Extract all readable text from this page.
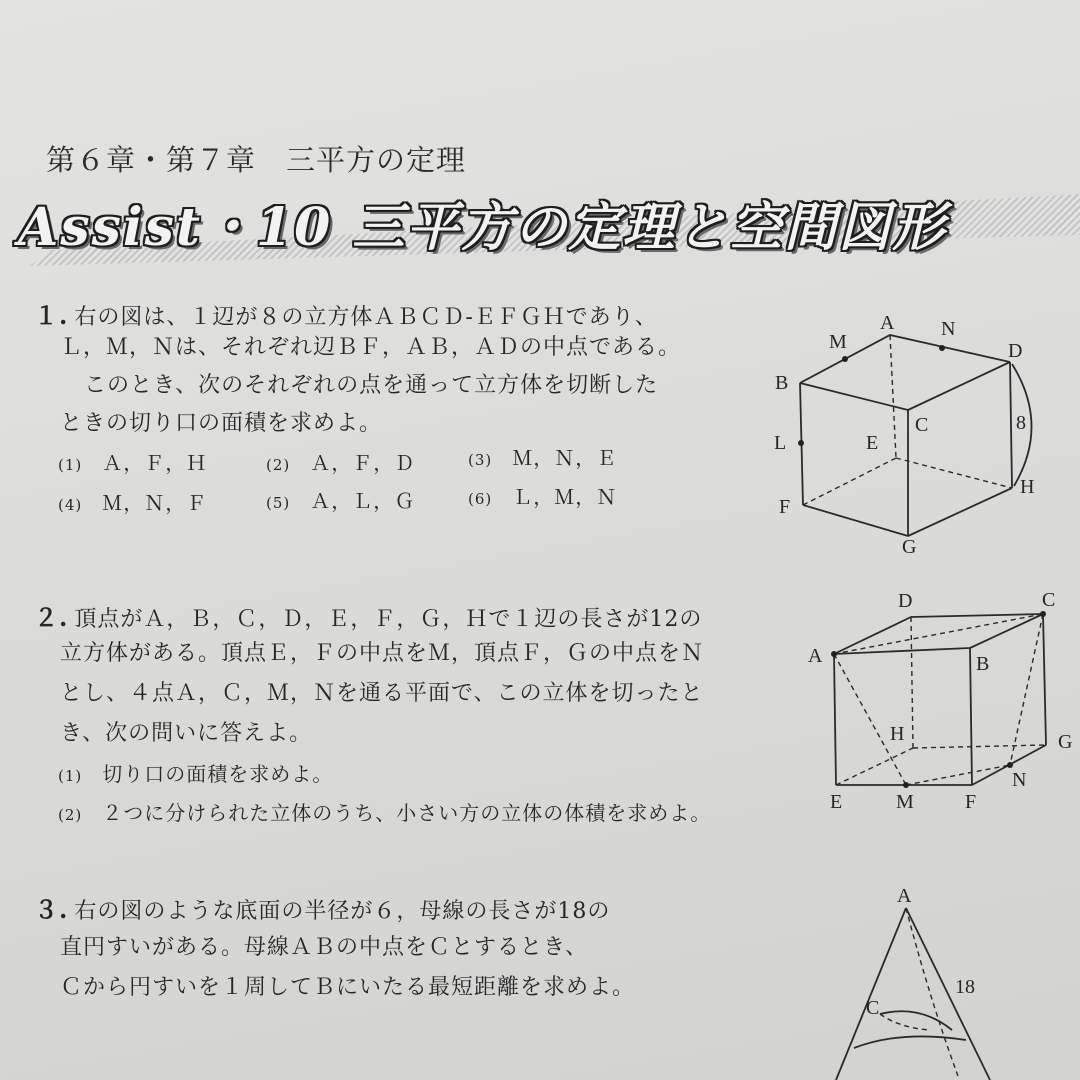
第６章・第７章　三平方の定理
Assist・10 三平方の定理と空間図形
１. 右の図は、１辺が８の立方体ＡＢＣＤ-ＥＦＧＨであり、
Ｌ，Ｍ，Ｎは、それぞれ辺ＢＦ，ＡＢ，ＡＤの中点である。
このとき、次のそれぞれの点を通って立方体を切断した
ときの切り口の面積を求めよ。
(1) Ａ，Ｆ，Ｈ	(2) Ａ，Ｆ，Ｄ	(3) Ｍ，Ｎ，Ｅ
(4) Ｍ，Ｎ，Ｆ	(5) Ａ，Ｌ，Ｇ	(6) Ｌ，Ｍ，Ｎ
A
B
C
D
E
F
G
H
L
M
N
8
２. 頂点がＡ，Ｂ，Ｃ，Ｄ，Ｅ，Ｆ，Ｇ，Ｈで１辺の長さが12の
立方体がある。頂点Ｅ，Ｆの中点をＭ，頂点Ｆ，Ｇの中点をＮ
とし、４点Ａ，Ｃ，Ｍ，Ｎを通る平面で、この立体を切ったと
き、次の問いに答えよ。
(1) 切り口の面積を求めよ。
(2) ２つに分けられた立体のうち、小さい方の立体の体積を求めよ。
A	B
C
D
E	F
G
H
M
N
３. 右の図のような底面の半径が６，母線の長さが18の
直円すいがある。母線ＡＢの中点をＣとするとき、
Ｃから円すいを１周してＢにいたる最短距離を求めよ。
A
C
18
